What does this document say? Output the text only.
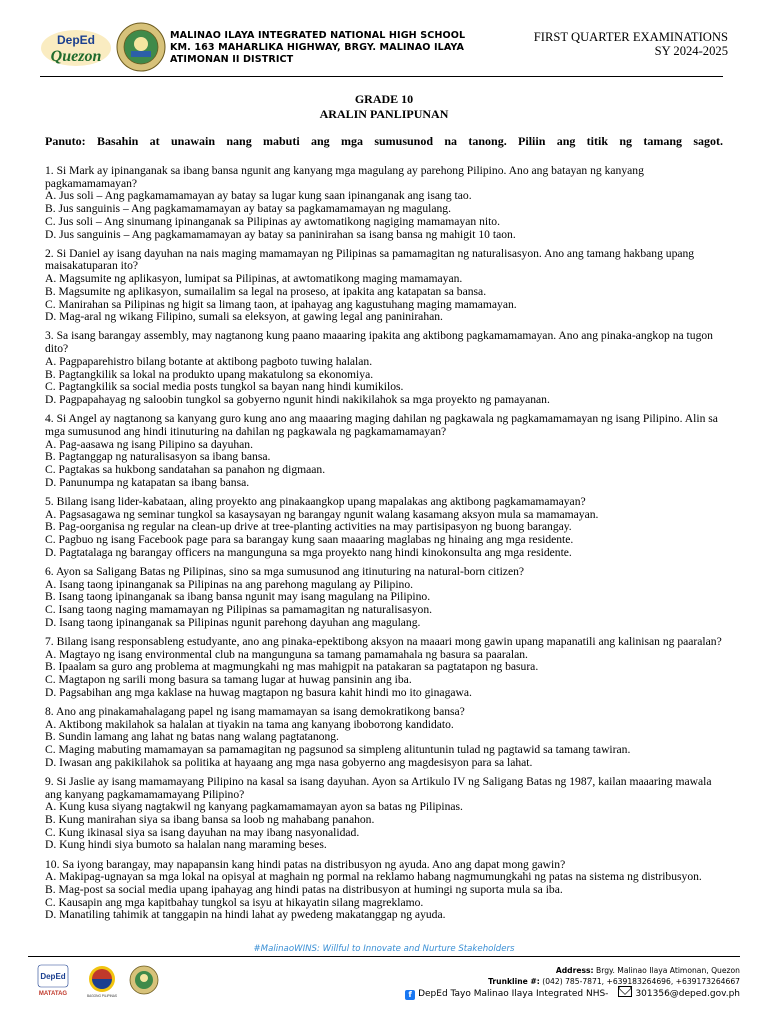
DepEd
Quezon
MALINAO ILAYA INTEGRATED NATIONAL HIGH SCHOOL
KM. 163 MAHARLIKA HIGHWAY, BRGY. MALINAO ILAYA
ATIMONAN II DISTRICT
FIRST QUARTER EXAMINATIONS
SY 2024-2025
GRADE 10
ARALIN PANLIPUNAN
Panuto: Basahin at unawain nang mabuti ang mga sumusunod na tanong. Piliin ang titik ng tamang sagot.

1. Si Mark ay ipinanganak sa ibang bansa ngunit ang kanyang mga magulang ay parehong Pilipino. Ano ang batayan ng kanyang pagkamamamayan?

A. Jus soli – Ang pagkamamamayan ay batay sa lugar kung saan ipinanganak ang isang tao.

B. Jus sanguinis – Ang pagkamamamayan ay batay sa pagkamamamayan ng magulang.

C. Jus soli – Ang sinumang ipinanganak sa Pilipinas ay awtomatikong nagiging mamamayan nito.

D. Jus sanguinis – Ang pagkamamamayan ay batay sa paninirahan sa isang bansa ng mahigit 10 taon.

2. Si Daniel ay isang dayuhan na nais maging mamamayan ng Pilipinas sa pamamagitan ng naturalisasyon. Ano ang tamang hakbang upang maisakatuparan ito?

A. Magsumite ng aplikasyon, lumipat sa Pilipinas, at awtomatikong maging mamamayan.

B. Magsumite ng aplikasyon, sumailalim sa legal na proseso, at ipakita ang katapatan sa bansa.

C. Manirahan sa Pilipinas ng higit sa limang taon, at ipahayag ang kagustuhang maging mamamayan.

D. Mag-aral ng wikang Filipino, sumali sa eleksyon, at gawing legal ang paninirahan.

3. Sa isang barangay assembly, may nagtanong kung paano maaaring ipakita ang aktibong pagkamamamayan. Ano ang pinaka-angkop na tugon dito?

A. Pagpaparehistro bilang botante at aktibong pagboto tuwing halalan.

B. Pagtangkilik sa lokal na produkto upang makatulong sa ekonomiya.

C. Pagtangkilik sa social media posts tungkol sa bayan nang hindi kumikilos.

D. Pagpapahayag ng saloobin tungkol sa gobyerno ngunit hindi nakikilahok sa mga proyekto ng pamayanan.

4. Si Angel ay nagtanong sa kanyang guro kung ano ang maaaring maging dahilan ng pagkawala ng pagkamamamayan ng isang Pilipino. Alin sa mga sumusunod ang hindi itinuturing na dahilan ng pagkawala ng pagkamamamayan?

A. Pag-aasawa ng isang Pilipino sa dayuhan.

B. Pagtanggap ng naturalisasyon sa ibang bansa.

C. Pagtakas sa hukbong sandatahan sa panahon ng digmaan.

D. Panunumpa ng katapatan sa ibang bansa.

5. Bilang isang lider-kabataan, aling proyekto ang pinakaangkop upang mapalakas ang aktibong pagkamamamayan?

A. Pagsasagawa ng seminar tungkol sa kasaysayan ng barangay ngunit walang kasamang aksyon mula sa mamamayan.

B. Pag-oorganisa ng regular na clean-up drive at tree-planting activities na may partisipasyon ng buong barangay.

C. Pagbuo ng isang Facebook page para sa barangay kung saan maaaring maglabas ng hinaing ang mga residente.

D. Pagtatalaga ng barangay officers na mangunguna sa mga proyekto nang hindi kinokonsulta ang mga residente.

6. Ayon sa Saligang Batas ng Pilipinas, sino sa mga sumusunod ang itinuturing na natural-born citizen?

A. Isang taong ipinanganak sa Pilipinas na ang parehong magulang ay Pilipino.

B. Isang taong ipinanganak sa ibang bansa ngunit may isang magulang na Pilipino.

C. Isang taong naging mamamayan ng Pilipinas sa pamamagitan ng naturalisasyon.

D. Isang taong ipinanganak sa Pilipinas ngunit parehong dayuhan ang magulang.

7. Bilang isang responsableng estudyante, ano ang pinaka-epektibong aksyon na maaari mong gawin upang mapanatili ang kalinisan ng paaralan?

A. Magtayo ng isang environmental club na mangunguna sa tamang pamamahala ng basura sa paaralan.

B. Ipaalam sa guro ang problema at magmungkahi ng mas mahigpit na patakaran sa pagtatapon ng basura.

C. Magtapon ng sarili mong basura sa tamang lugar at huwag pansinin ang iba.

D. Pagsabihan ang mga kaklase na huwag magtapon ng basura kahit hindi mo ito ginagawa.

8. Ano ang pinakamahalagang papel ng isang mamamayan sa isang demokratikong bansa?

A. Aktibong makilahok sa halalan at tiyakin na tama ang kanyang iboboтong kandidato.

B. Sundin lamang ang lahat ng batas nang walang pagtatanong.

C. Maging mabuting mamamayan sa pamamagitan ng pagsunod sa simpleng alituntunin tulad ng pagtawid sa tamang tawiran.

D. Iwasan ang pakikilahok sa politika at hayaang ang mga nasa gobyerno ang magdesisyon para sa lahat.

9. Si Jaslie ay isang mamamayang Pilipino na kasal sa isang dayuhan. Ayon sa Artikulo IV ng Saligang Batas ng 1987, kailan maaaring mawala ang kanyang pagkamamamayang Pilipino?

A. Kung kusa siyang nagtakwil ng kanyang pagkamamamayan ayon sa batas ng Pilipinas.

B. Kung manirahan siya sa ibang bansa sa loob ng mahabang panahon.

C. Kung ikinasal siya sa isang dayuhan na may ibang nasyonalidad.

D. Kung hindi siya bumoto sa halalan nang maraming beses.

10. Sa iyong barangay, may napapansin kang hindi patas na distribusyon ng ayuda. Ano ang dapat mong gawin?

A. Makipag-ugnayan sa mga lokal na opisyal at maghain ng pormal na reklamo habang nagmumungkahi ng patas na sistema ng distribusyon.

B. Mag-post sa social media upang ipahayag ang hindi patas na distribusyon at humingi ng suporta mula sa iba.

C. Kausapin ang mga kapitbahay tungkol sa isyu at hikayatin silang magreklamo.

D. Manatiling tahimik at tanggapin na hindi lahat ay pwedeng makatanggap ng ayuda.

#MalinaoWINS: Willful to Innovate and Nurture Stakeholders
DepEd
MATATAG	BAGONG PILIPINAS
Address: Brgy. Malinao Ilaya Atimonan, Quezon
Trunkline #: (042) 785-7871, +639183264696, +639173264667
f DepEd Tayo Malinao Ilaya Integrated NHS-	301356@deped.gov.ph
